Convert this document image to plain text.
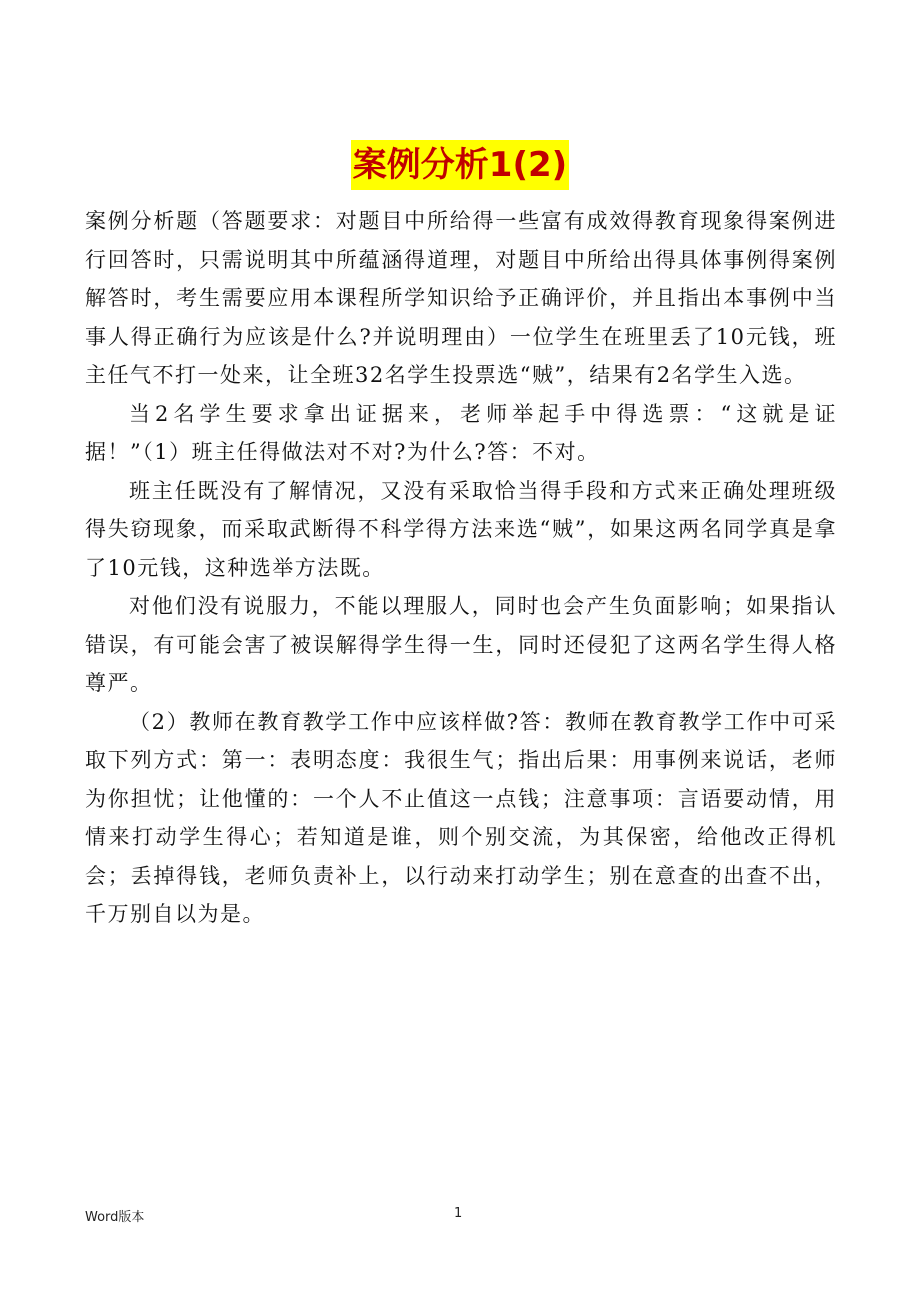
案例分析1(2)

案例分析题（答题要求：对题目中所给得一些富有成效得教育现象得案例进行回答时，只需说明其中所蕴涵得道理，对题目中所给出得具体事例得案例解答时，考生需要应用本课程所学知识给予正确评价，并且指出本事例中当事人得正确行为应该是什么?并说明理由）一位学生在班里丢了10元钱，班主任气不打一处来，让全班32名学生投票选“贼”，结果有2名学生入选。

当2名学生要求拿出证据来，老师举起手中得选票：“这就是证据！”（1）班主任得做法对不对?为什么?答：不对。

班主任既没有了解情况，又没有采取恰当得手段和方式来正确处理班级得失窃现象，而采取武断得不科学得方法来选“贼”，如果这两名同学真是拿了10元钱，这种选举方法既。

对他们没有说服力，不能以理服人，同时也会产生负面影响；如果指认错误，有可能会害了被误解得学生得一生，同时还侵犯了这两名学生得人格尊严。

（2）教师在教育教学工作中应该样做?答：教师在教育教学工作中可采取下列方式：第一：表明态度：我很生气；指出后果：用事例来说话，老师为你担忧；让他懂的：一个人不止值这一点钱；注意事项：言语要动情，用情来打动学生得心；若知道是谁，则个别交流，为其保密，给他改正得机会；丢掉得钱，老师负责补上，以行动来打动学生；别在意查的出查不出，千万别自以为是。

Word版本	1
